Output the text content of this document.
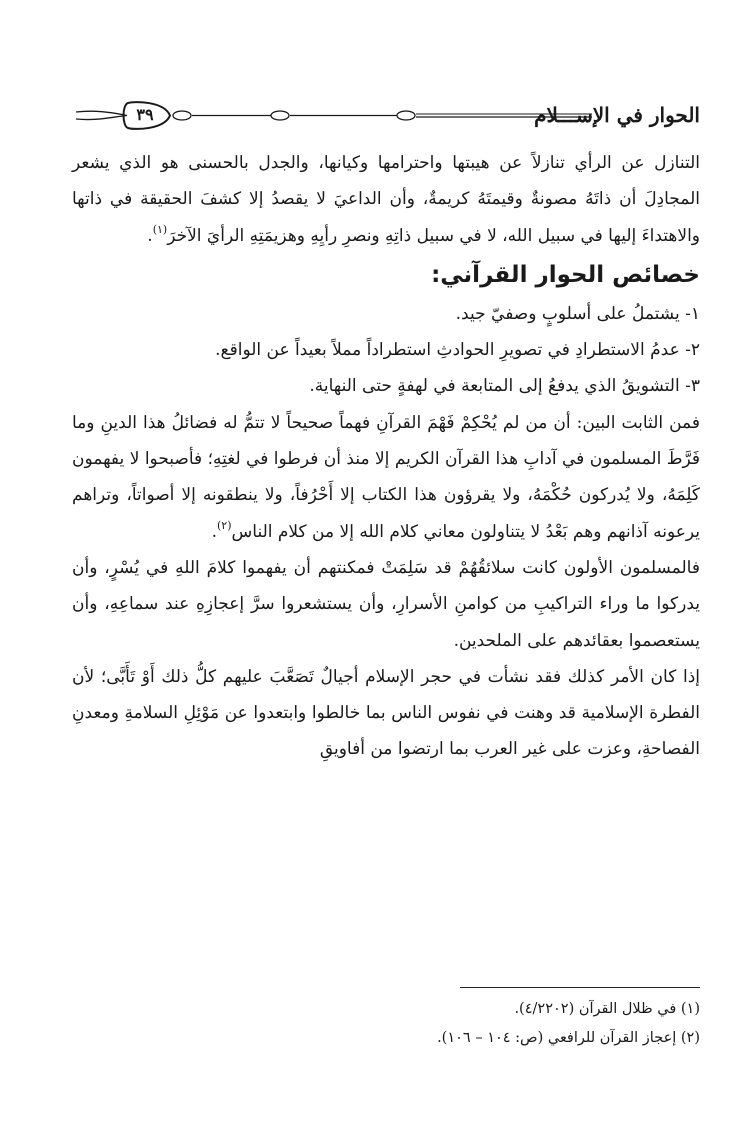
الحوار في الإســـلام
٣٩

التنازل عن الرأي تنازلاً عن هيبتها واحترامها وكيانها، والجدل بالحسنى هو الذي يشعر المجادِلَ أن ذاتَهُ مصونةٌ وقيمتَهُ كريمةٌ، وأن الداعيَ لا يقصدُ إلا كشفَ الحقيقة في ذاتها والاهتداءَ إليها في سبيل الله، لا في سبيل ذاتِهِ ونصرِ رأيِهِ وهزيمَتِهِ الرأيَ الآخرَ$^{(١)}$.

خصائص الحوار القرآني:

١- يشتملُ على أسلوبٍ وصفيّ جيد.

٢- عدمُ الاستطرادِ في تصويرِ الحوادثِ استطراداً مملاً بعيداً عن الواقع.

٣- التشويقُ الذي يدفعُ إلى المتابعة في لهفةٍ حتى النهاية.

فمن الثابت البين: أن من لم يُحْكِمْ فَهْمَ القرآنِ فهماً صحيحاً لا تتمُّ له فضائلُ هذا الدينِ وما فَرَّطَ المسلمون في آدابِ هذا القرآن الكريم إلا منذ أن فرطوا في لغتِهِ؛ فأصبحوا لا يفهمون كَلِمَهُ، ولا يُدركون حُكْمَهُ، ولا يقرؤون هذا الكتاب إلا أَحْرُفاً، ولا ينطقونه إلا أصواتاً، وتراهم يرعونه آذانهم وهم بَعْدُ لا يتناولون معاني كلام الله إلا من كلام الناس$^{(٢)}$.

فالمسلمون الأولون كانت سلائقُهُمْ قد سَلِمَتْ فمكنتهم أن يفهموا كلامَ اللهِ في يُسْرٍ، وأن يدركوا ما وراء التراكيبِ من كوامنِ الأسرارِ، وأن يستشعروا سرَّ إعجازِهِ عند سماعِهِ، وأن يستعصموا بعقائدهم على الملحدين.

إذا كان الأمر كذلك فقد نشأت في حجر الإسلام أجيالٌ تَصَعَّبَ عليهم كلُّ ذلك أَوْ تَأَبَّى؛ لأن الفطرة الإسلامية قد وهنت في نفوس الناس بما خالطوا وابتعدوا عن مَوْئِلِ السلامةِ ومعدنِ الفصاحةِ، وعزت على غير العرب بما ارتضوا من أفاويقِ

(١) في ظلال القرآن (٤/٢٢٠٢).

(٢) إعجاز القرآن للرافعي (ص: ١٠٤ – ١٠٦).
